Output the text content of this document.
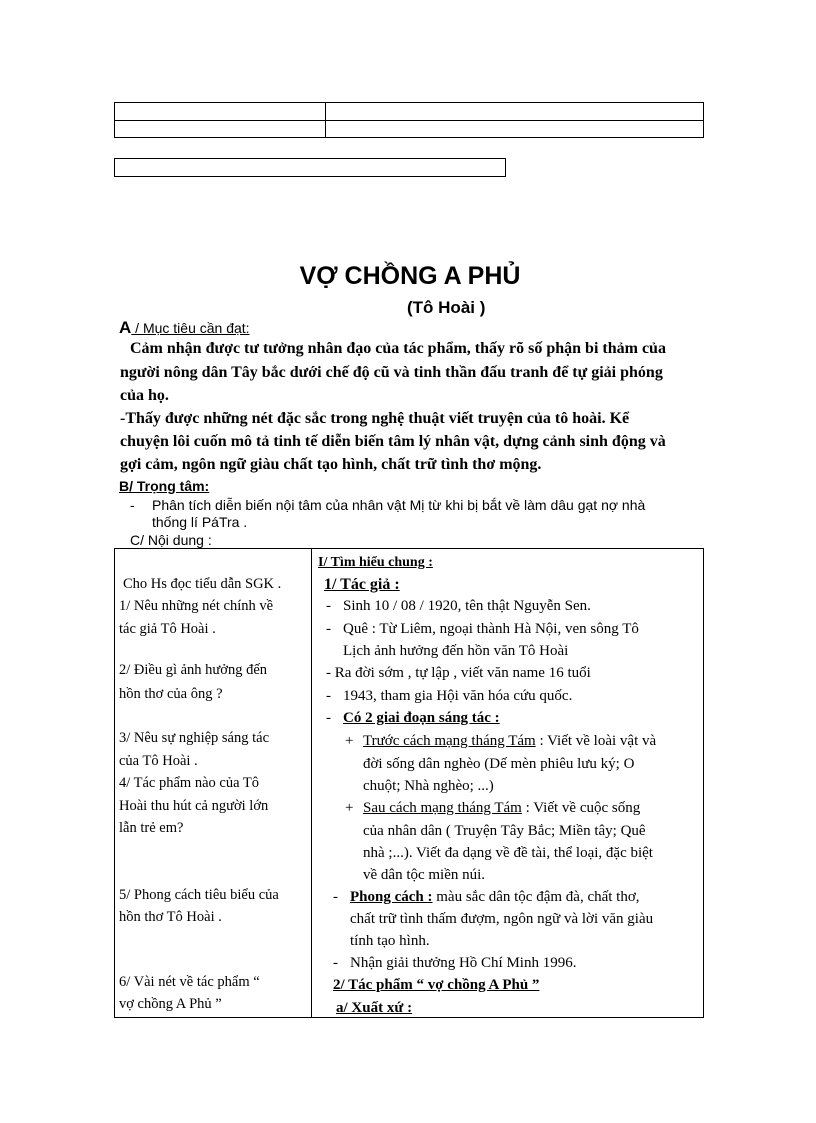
VỢ CHỒNG A PHỦ
(Tô Hoài )
A / Mục tiêu cần đạt:
Cảm nhận được tư tưởng nhân đạo của tác phẩm, thấy rõ số phận bi thảm của
người nông dân Tây bắc dưới chế độ cũ và tinh thần đấu tranh để tự giải phóng
của họ.
-Thấy được những nét đặc sắc trong nghệ thuật viết truyện của tô hoài. Kể
chuyện lôi cuốn mô tả tinh tế diễn biến tâm lý nhân vật, dựng cảnh sinh động và
gợi cảm, ngôn ngữ giàu chất tạo hình, chất trữ tình thơ mộng.
B/ Trọng tâm:
- Phân tích diễn biến nội tâm của nhân vật Mị từ khi bị bắt về làm dâu gạt nợ nhà
thống lí PáTra .
C/ Nội dung :
Cho Hs đọc tiểu dẫn SGK .
1/ Nêu những nét chính về
tác giả Tô Hoài .
2/ Điều gì ảnh hưởng đến
hồn thơ của ông ?
3/ Nêu sự nghiệp sáng tác
của Tô Hoài .
4/ Tác phẩm nào của Tô
Hoài thu hút cả người lớn
lẫn trẻ em?
5/ Phong cách tiêu biểu của
hồn thơ Tô Hoài .
6/ Vài nét về tác phẩm “
vợ chồng A Phủ ”
I/ Tìm hiểu chung :
1/ Tác giả :
- Sinh 10 / 08 / 1920, tên thật Nguyễn Sen.
- Quê : Từ Liêm, ngoại thành Hà Nội, ven sông Tô
Lịch ảnh hưởng đến hồn văn Tô Hoài
- Ra đời sớm , tự lập , viết văn name 16 tuổi
- 1943, tham gia Hội văn hóa cứu quốc.
- Có 2 giai đoạn sáng tác :
+ Trước cách mạng tháng Tám : Viết về loài vật và
đời sống dân nghèo (Dế mèn phiêu lưu ký; O
chuột; Nhà nghèo; ...)
+ Sau cách mạng tháng Tám : Viết về cuộc sống
của nhân dân ( Truyện Tây Bắc; Miền tây; Quê
nhà ;...). Viết đa dạng về đề tài, thể loại, đặc biệt
về dân tộc miền núi.
- Phong cách : màu sắc dân tộc đậm đà, chất thơ,
chất trữ tình thấm đượm, ngôn ngữ và lời văn giàu
tính tạo hình.
- Nhận giải thưởng Hồ Chí Minh 1996.
2/ Tác phẩm “ vợ chồng A Phủ ”
a/ Xuất xứ :
